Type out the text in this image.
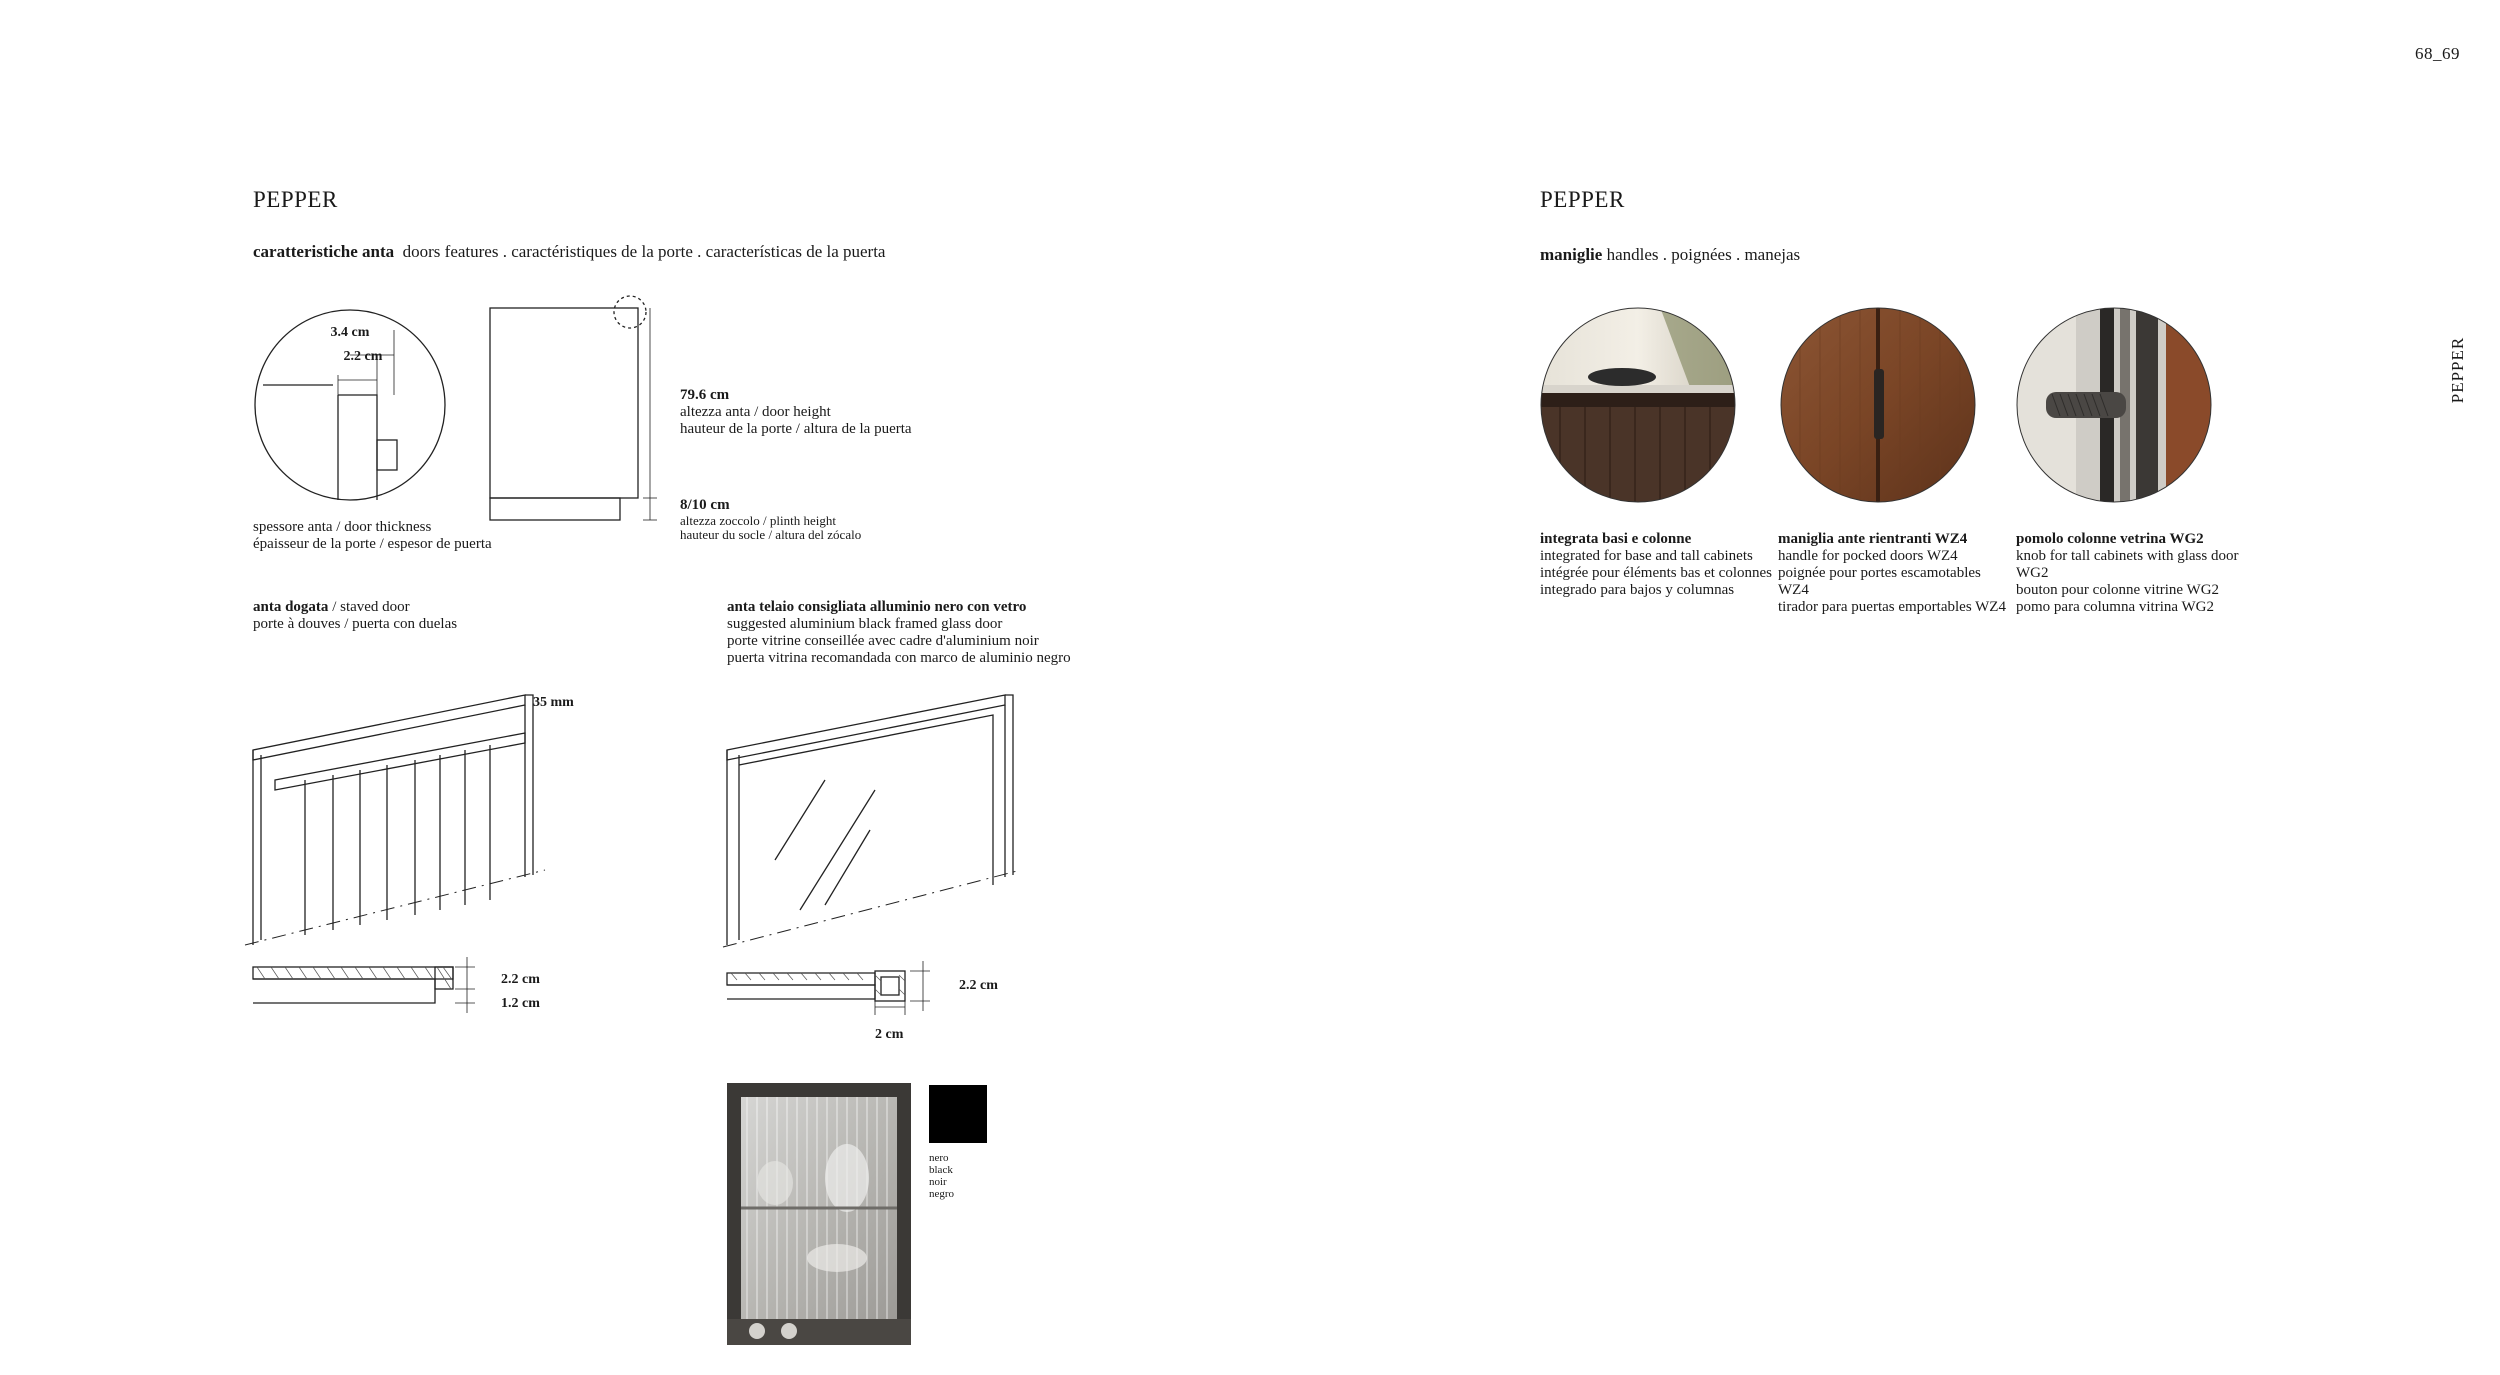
68_69
PEPPER
PEPPER
caratteristiche anta doors features . caractéristiques de la porte . características de la puerta
3.4 cm
2.2 cm
spessore anta / door thickness
épaisseur de la porte / espesor de puerta
79.6 cm
altezza anta / door height
hauteur de la porte / altura de la puerta
8/10 cm
altezza zoccolo / plinth height
hauteur du socle / altura del zócalo
anta dogata / staved door
porte à douves / puerta con duelas
35 mm
2.2 cm
1.2 cm
anta telaio consigliata alluminio nero con vetro
suggested aluminium black framed glass door
porte vitrine conseillée avec cadre d'aluminium noir
puerta vitrina recomandada con marco de aluminio negro
2.2 cm
2 cm
nero
black
noir
negro
PEPPER
maniglie handles . poignées . manejas
integrata basi e colonne
integrated for base and tall cabinets
intégrée pour éléments bas et colonnes
integrado para bajos y columnas
maniglia ante rientranti WZ4
handle for pocked doors WZ4
poignée pour portes escamotables WZ4
tirador para puertas emportables WZ4
pomolo colonne vetrina WG2
knob for tall cabinets with glass door WG2
bouton pour colonne vitrine WG2
pomo para columna vitrina WG2
